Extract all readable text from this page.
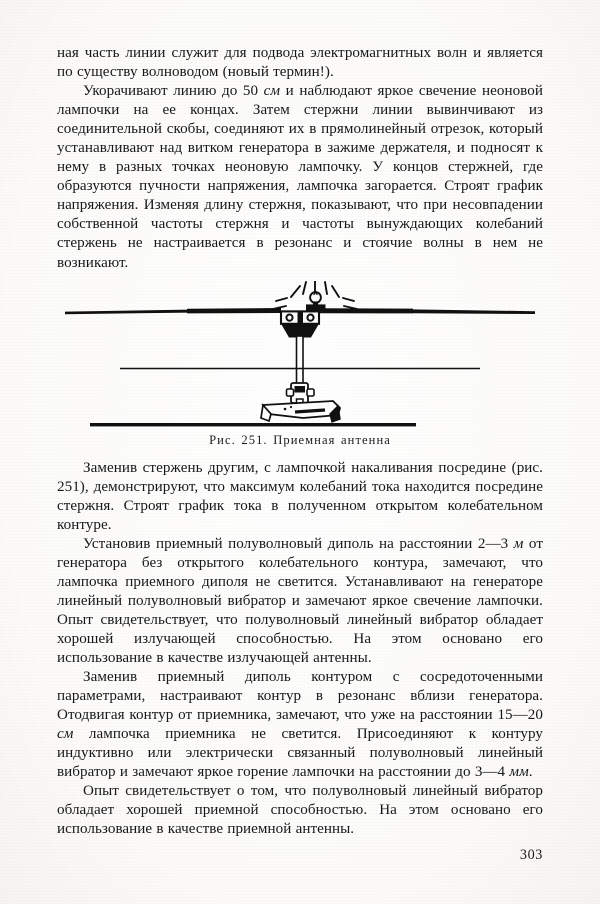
ная часть линии служит для подвода электромагнитных волн и является по существу волноводом (новый термин!).

Укорачивают линию до 50 см и наблюдают яркое свечение неоновой лампочки на ее концах. Затем стержни линии вывинчивают из соединительной скобы, соединяют их в прямолинейный отрезок, который устанавливают над витком генератора в зажиме держателя, и подносят к нему в разных точках неоновую лампочку. У концов стержней, где образуются пучности напряжения, лампочка загорается. Строят график напряжения. Изменяя длину стержня, показывают, что при несовпадении собственной частоты стержня и частоты вынуждающих колебаний стержень не настраивается в резонанс и стоячие волны в нем не возникают.

Рис. 251. Приемная антенна

Заменив стержень другим, с лампочкой накаливания посредине (рис. 251), демонстрируют, что максимум колебаний тока находится посредине стержня. Строят график тока в полученном открытом колебательном контуре.

Установив приемный полуволновый диполь на расстоянии 2—3 м от генератора без открытого колебательного контура, замечают, что лампочка приемного диполя не светится. Устанавливают на генераторе линейный полуволновый вибратор и замечают яркое свечение лампочки. Опыт свидетельствует, что полуволновый линейный вибратор обладает хорошей излучающей способностью. На этом основано его использование в качестве излучающей антенны.

Заменив приемный диполь контуром с сосредоточенными параметрами, настраивают контур в резонанс вблизи генератора. Отодвигая контур от приемника, замечают, что уже на расстоянии 15—20 см лампочка приемника не светится. Присоединяют к контуру индуктивно или электрически связанный полуволновый линейный вибратор и замечают яркое горение лампочки на расстоянии до 3—4 мм.

Опыт свидетельствует о том, что полуволновый линейный вибратор обладает хорошей приемной способностью. На этом основано его использование в качестве приемной антенны.

303
